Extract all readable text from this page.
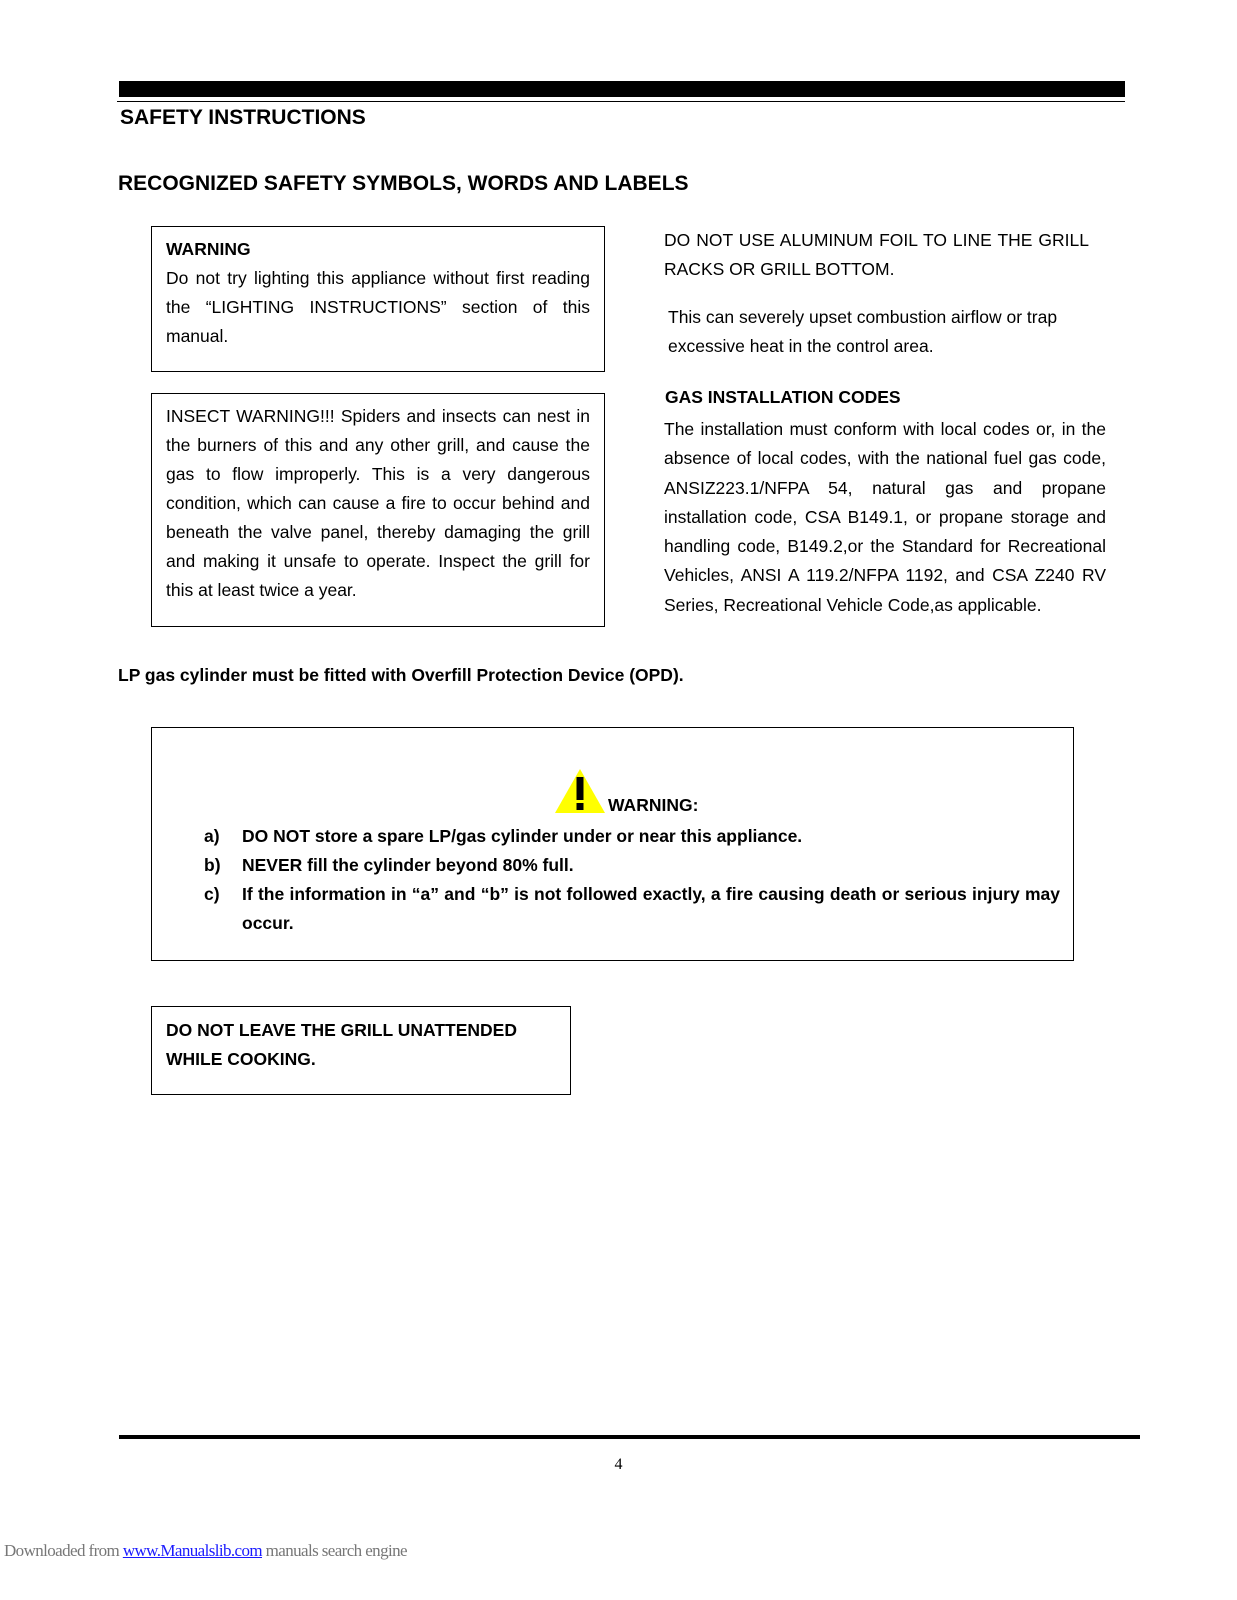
SAFETY INSTRUCTIONS
RECOGNIZED SAFETY SYMBOLS, WORDS AND LABELS
WARNING
Do not try lighting this appliance without first reading the “LIGHTING INSTRUCTIONS” section of this manual.
INSECT WARNING!!! Spiders and insects can nest in the burners of this and any other grill, and cause the gas to flow improperly. This is a very dangerous condition, which can cause a fire to occur behind and beneath the valve panel, thereby damaging the grill and making it unsafe to operate. Inspect the grill for this at least twice a year.
DO NOT USE ALUMINUM FOIL TO LINE THE GRILL RACKS OR GRILL BOTTOM.
This can severely upset combustion airflow or trap
excessive heat in the control area.
GAS INSTALLATION CODES
The installation must conform with local codes or, in the absence of local codes, with the national fuel gas code, ANSIZ223.1/NFPA 54, natural gas and propane installation code, CSA B149.1, or propane storage and handling code, B149.2,or the Standard for Recreational Vehicles, ANSI A 119.2/NFPA 1192, and CSA Z240 RV Series, Recreational Vehicle Code,as applicable.
LP gas cylinder must be fitted with Overfill Protection Device (OPD).
WARNING:
a)	DO NOT store a spare LP/gas cylinder under or near this appliance.
b)	NEVER fill the cylinder beyond 80% full.
c)	If the information in “a” and “b” is not followed exactly, a fire causing death or serious injury may occur.
DO NOT LEAVE THE GRILL UNATTENDED
WHILE COOKING.
4
Downloaded from www.Manualslib.com manuals search engine
